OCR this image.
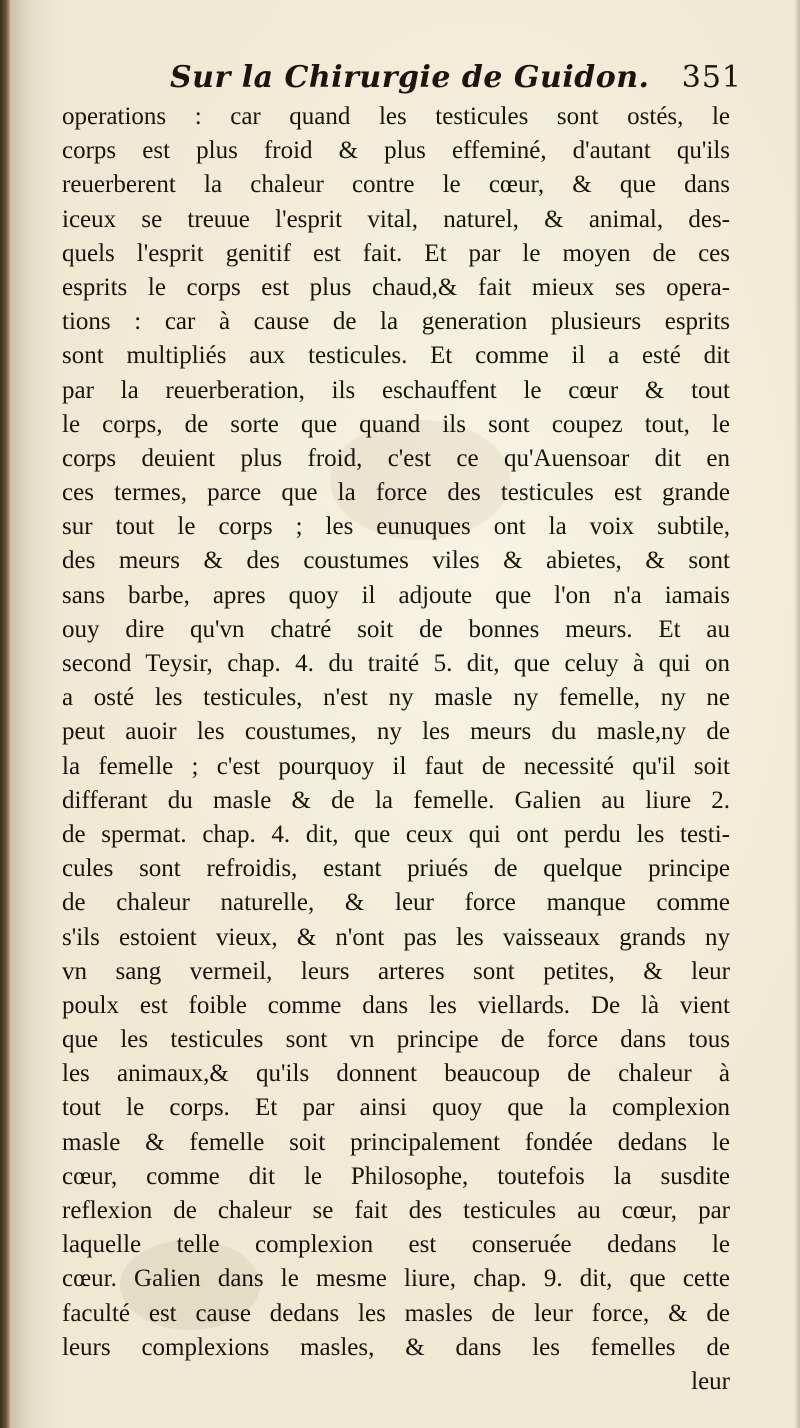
Sur la Chirurgie de Guidon. 351
operations : car quand les testicules sont ostés, le
corps est plus froid & plus effeminé, d'autant qu'ils
reuerberent la chaleur contre le cœur, & que dans
iceux se treuue l'esprit vital, naturel, & animal, des-
quels l'esprit genitif est fait. Et par le moyen de ces
esprits le corps est plus chaud,& fait mieux ses opera-
tions : car à cause de la generation plusieurs esprits
sont multipliés aux testicules. Et comme il a esté dit
par la reuerberation, ils eschauffent le cœur & tout
le corps, de sorte que quand ils sont coupez tout, le
corps deuient plus froid, c'est ce qu'Auensoar dit en
ces termes, parce que la force des testicules est grande
sur tout le corps ; les eunuques ont la voix subtile,
des meurs & des coustumes viles & abietes, & sont
sans barbe, apres quoy il adjoute que l'on n'a iamais
ouy dire qu'vn chatré soit de bonnes meurs. Et au
second Teysir, chap. 4. du traité 5. dit, que celuy à qui on
a osté les testicules, n'est ny masle ny femelle, ny ne
peut auoir les coustumes, ny les meurs du masle,ny de
la femelle ; c'est pourquoy il faut de necessité qu'il soit
differant du masle & de la femelle. Galien au liure 2.
de spermat. chap. 4. dit, que ceux qui ont perdu les testi-
cules sont refroidis, estant priués de quelque principe
de chaleur naturelle, & leur force manque comme
s'ils estoient vieux, & n'ont pas les vaisseaux grands ny
vn sang vermeil, leurs arteres sont petites, & leur
poulx est foible comme dans les viellards. De là vient
que les testicules sont vn principe de force dans tous
les animaux,& qu'ils donnent beaucoup de chaleur à
tout le corps. Et par ainsi quoy que la complexion
masle & femelle soit principalement fondée dedans le
cœur, comme dit le Philosophe, toutefois la susdite
reflexion de chaleur se fait des testicules au cœur, par
laquelle telle complexion est conseruée dedans le
cœur. Galien dans le mesme liure, chap. 9. dit, que cette
faculté est cause dedans les masles de leur force, & de
leurs complexions masles, & dans les femelles de
leur
